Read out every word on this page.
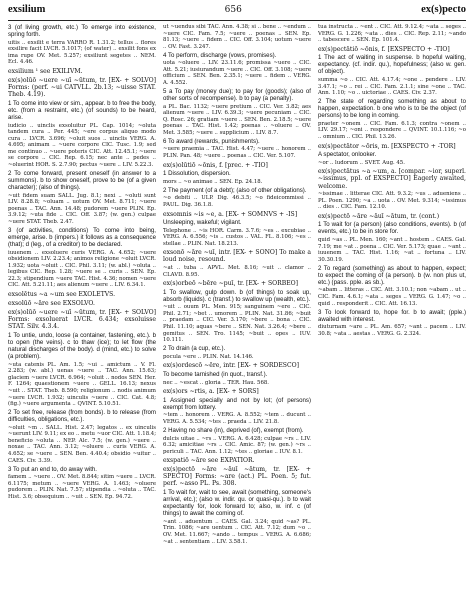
exsilium	656	ex(s)pecto

3 (of living growth, etc.) To emerge into existence, spring forth.

uitis .. exsilit e terra VARRO R. 1.31.2; tellus .. flores exsilire facit LVCR. 5.1017; (of water) .. exsilit fons ex ima rupe OV. Met. 5.257; exsiliunt segetes .. NEM. Ecl. 4.46.

exsilium ¹ see EXILIVM.

ex(s)olūō ~uere ~uī ~ūtum, tr. [EX- + SOLVO] Forms: (perf. ~ui CATVLL. 2b.13; ~uisse STAT. Theb. 4.19).

1 To come into view or sim., appear. b to free the body, etc. (from a restraint, etc.) (of sounds) to be heard, arise.

iudicio .. uinclis exsoluitur PL. Cap. 1014; ~oluta tandem cura .. Per. 445; ~ere corpus aliquo modo cura .. LVCR. 3.696; ~oluit suos .. uinclis VERG. A. 4.695; animam .. ~uere corpore CIC. Tusc. 1.9; sed me continuo .. ~uere poteris CIC. Att. 12.45.1; ~uere se corpore .. CIC. Rep. 6.15; nec ante .. pedes .. ~oluerint HOR. S. 2.7.90; pectus ~uere .. LIV. 5.22.3.

2 To come forward, present oneself (in answer to a summons). b to show oneself, prove to be (of a given character); (also of things).

~uit fidem suam SALL. Jug. 8.1; nexi .. ~oluti sunt LIV. 8.28.8; ~oluam .. uotum OV. Met. 8.711; ~uere poenas .. TAC. Ann. 14.48; pudorem ~uere PLIN. Ep. 3.9.12; ~uta fide .. CIC. Off. 3.87; (w. gen.) culpae ~uere STAT. Theb. 2.47.

3 (of activities, conditions) To come into being, emerge, arise. b (impers.) it follows as a consequence (that); d (leg., of a creditor) to be declared.

iuuenem .. exsoluere curis VERG. A. 4.652; ~uere obsidionem LIV. 2.23.4; animos religione ~oluit LVCR. 1.932; uota ~oluit .. CIC. Phil. 3.11; (w. abl.) ~oluta .. legibus CIC. Rep. 1.28; ~uere se .. curis .. SEN. Ep. 22.3; stipendium ~uere TAC. Hist. 4.36; nomen ~uere CIC. Att. 5.21.11; aes alienum ~uere .. LIV. 6.34.1.

exsolētus ~a ~um see EXOLETVS.

exsolūō ~āre see EXSOLVO.

ex(s)olūō ~uere ~uī ~ūtum, tr. [EX- + SOLVO] Forms: exsoluerat LVCR. 6.434; exsoluisse STAT. Silv. 4.3.4.

1 To untie, undo, loose (a container, fastening, etc.). b to open (the veins). c to thaw (ice); to let flow (the natural discharges of the body). d (mind, etc.) to solve (a problem).

~uta catenis PL. Am. 1.5; ~ui .. amictum .. V. Fl. 2.283; (w. abl.) uenas ~uere .. TAC. Ann. 15.63; glaciem ~uere LVCR. 6.964; ~oluit .. nodos SEN. Her. F. 1264; quaestionem ~uere .. GELL. 16.13; nexus ~uit .. STAT. Theb. 8.590; religionum .. nodis animum ~uere LVCR. 1.932; uinculis ~uere .. CIC. Cat. 4.8; (fig.) ~uere argumenta .. QVINT. 5.10.51.

2 To set free, release (from bonds). b to release (from difficulties, obligations, etc.).

~oluit ~m .. SALL. Hist. 2.47; legatos .. ex uinculis ~uerunt LIV. 9.11; ex eo .. metu ~uor CIC. Att. 1.18.4; beneficio ~oluta .. NEP. Alc. 7.5; (w. gen.) ~uere .. noxae .. TAC. Ann. 3.12; ~oluere .. curis VERG. A. 4.652; se ~uere .. SEN. Ben. 4.40.4; obsidio ~uitur .. CAES. Civ. 3.39.

3 To put an end to, do away with.

famem .. ~uere .. OV. Met. 8.844; sitim ~uere .. LVCR. 6.1175; metum .. ~uere VERG. A. 1.463; ~oluere pudorem .. PLIN. Nat. 7.57; stipendia .. ~oluta .. TAC. Hist. 3.6; obsequium .. ~uit .. SEN. Ep. 94.72.

ut ~uendus sibi TAC. Ann. 4.38; si .. bene .. ~endum .. ~uere CIC. Fam. 7.5; ~uere .. poenas .. SEN. Ep. 81.13; ~uere .. fidem .. CIC. Off. 3.104; uotum ~uere .. OV. Fast. 3.247.

4 To perform, discharge (vows, promises).

uota ~oluere .. LIV. 23.11.6; promissa ~uere .. CIC. Att. 5.21; iusiurandum ~uere .. CIC. Off. 3.108; ~uere officium .. SEN. Ben. 2.35.1; ~uere .. fidem .. VERG. A. 4.552.

5 a To pay (money due); to pay for (goods); (also of other sorts of recompense). b to pay (a penalty).

a PL. Bac. 1132; ~uere pretium .. CIC. Ver. 3.82; aes alienum ~uere .. LIV. 6.39.3; ~uere pecuniam .. CIC. Q. Rosc. 26; gratiam ~uere .. SEN. Ben. 2.18.5; ~uere poenas .. TAC. Hist. 1.42; poenas .. ~oluere .. OV. Met. 3.585; ~uere .. supplicium .. LIV. 8.7.

6 To award (rewards, punishments).

~uere praemia .. TAC. Hist. 4.47; ~uere .. honorem .. PLIN. Pan. 48; ~uere .. poenas .. CIC. Ver. 5.107.

ex(s)olūtiō ~ōnis, f. [prec. + -TIO]

1 Dissolution, dispersion.

mors .. ~o animae .. SEN. Ep. 24.18.

2 The payment (of a debt); (also of other obligations).

~o debiti .. ULP. Dig. 46.3.5; ~o fideicommissi .. PAUL. Dig. 36.1.8.

exsomnis ~is ~e, a. [EX- + SOMNVS + -IS]

Unsleeping, wakeful; vigilant.

Telephone .. ~is HOR. Carm. 3.7.6; ~es .. excubiae .. VERG. A. 6.556; ~is .. custos .. VAL. FL. 8.106; ~es .. stellae .. PLIN. Nat. 18.213.

exsonō ~āre ~uī, intr. [EX- + SONO] To make a loud noise, resound.

~at .. tuba .. APVL. Met. 8.16; ~uit .. clamor .. CLAVD. 8.95.

ex(s)orbeō ~bēre ~puī, tr. [EX- + SORBEO]

1 To swallow, gulp down. b (of things) to soak up, absorb (liquids). c (transf.) to swallow up (wealth, etc.).

~uit .. ouum PL. Men. 915; sanguinem ~ere .. CIC. Phil. 2.71; ~bet .. umorem .. PLIN. Nat. 31.86; ~buit .. praedam .. CIC. Ver. 3.170; ~bere .. bona .. CIC. Phil. 11.10; aquas ~bere .. SEN. Nat. 3.26.4; ~bere .. gemitus .. SEN. Tro. 1145; ~buit .. opes .. IUV. 10.111.

2 To drain (a cup, etc.).

pocula ~ere .. PLIN. Nat. 14.146.

ex(s)ordescō ~ēre, intr. [EX- + SORDESCO]

To become tarnished (in quot., transf.).

nec .. ~escat .. gloria .. TER. Hau. 568.

ex(s)ors ~rtis, a. [EX- + SORS]

1 Assigned specially and not by lot; (of persons) exempt from lottery.

~tem .. honorem .. VERG. A. 8.552; ~tem .. ducunt .. VERG. A. 5.534; ~tes .. praeda .. LIV. 21.8.

2 Having no share (in), deprived (of), exempt (from).

dulcis uitae .. ~rs .. VERG. A. 6.428; culpae ~rs .. LIV. 6.32; amicitiae ~rs .. CIC. Amic. 87; (w. gen.) ~rs .. periculi .. TAC. Ann. 1.12; ~tes .. gloriae .. IUV. 8.1.

exspatiō ~āre see EXPATIOR.

ex(s)pectō ~āre ~āuī ~ātum, tr. [EX- + SPECTO] Forms: ~are (act.) PL. Poen. 5; fut. perf. ~asso PL. Ps. 308.

1 To wait for, wait to see, await (something, someone's arrival, etc.); (also w. indir. qu. or quasi-qu.). b to wait expectantly for, look forward to; also, w. inf. c (of things) to await the coming of.

~ant .. aduentum .. CAES. Gal. 3.24; quid ~as? PL. Trin. 1086; ~are uentum .. CIC. Att. 7.12; dum ~o .. OV. Met. 11.667; ~ando .. tempus .. VERG. A. 6.686; ~at .. sententiam .. LIV. 3.58.1.

tua instructa .. ~ent .. CIC. Att. 9.12.4; ~ata .. seges .. VERG. G. 1.226; ~ata .. dies .. CIC. Rep. 2.11; ~ando .. tabescere .. SEN. Ep. 101.4.

ex(s)pectātiō ~ōnis, f. [EXSPECTO + -TIO]

1 The act of waiting in suspense. b hopeful waiting, expectancy. (cf. indir. qu.), hopefulness; (also w. gen. of object).

summa ~o .. CIC. Att. 4.17.4; ~one .. pendere .. LIV. 3.47.1; ~o .. rei .. CIC. Fam. 2.1.1; sine ~one .. TAC. Ann. 1.10; ~o .. uictoriae .. CAES. Civ. 2.37.

2 The state of regarding something as about to happen, expectation. b one who is to be the object (of persons) to be long in coming.

praeter ~onem .. CIC. Fam. 6.1.3; contra ~onem .. LIV. 29.17; ~oni .. respondere .. QVINT. 10.1.116; ~o .. omnium .. CIC. Phil. 13.26.

ex(s)pectātor ~ōris, m. [EXSPECTO + -TOR]

A spectator, onlooker.

~or .. ludorum .. SVET. Aug. 45.

ex(s)pectātus ~a ~um, a. [compar. ~ior, superl. ~issimus, ppl. of EXSPECTO] Eagerly awaited, welcome.

~issimae .. litterae CIC. Att. 9.3.2; ~us .. adueniens .. PL. Poen. 1290; ~a .. uota .. OV. Met. 9.314; ~issimus .. dies .. CIC. Fam. 12.10.

ex(s)pectō ~āre ~āuī ~ātum, tr. (cont.)

1 To wait for (a person) (also conditions, events). b (of events, etc.) to be in store for.

quid ~as .. PL. Men. 160; ~ant .. hostem .. CAES. Gal. 7.19; me ~at .. poena .. CIC. Ver. 5.173; quae .. ~ant .. iuuenem .. TAC. Hist. 1.16; ~at .. fortuna .. LIV. 30.30.19.

2 To regard (something) as about to happen, expect; to expect the coming of (a person). b (w. non plus ut, etc.) (pass. pple. as sb.).

~abam .. litteras .. CIC. Att. 3.10.1; non ~abam .. ut .. CIC. Fam. 4.6.1; ~ata .. seges .. VERG. G. 1.47; ~o .. quid .. responderit .. CIC. Att. 16.13.

3 To look forward to, hope for. b to await; (pple.) awaited with interest.

diuturnam ~are .. PL. Am. 657; ~ant .. pacem .. LIV. 30.8; ~ata .. aestas .. VERG. G. 2.324.
